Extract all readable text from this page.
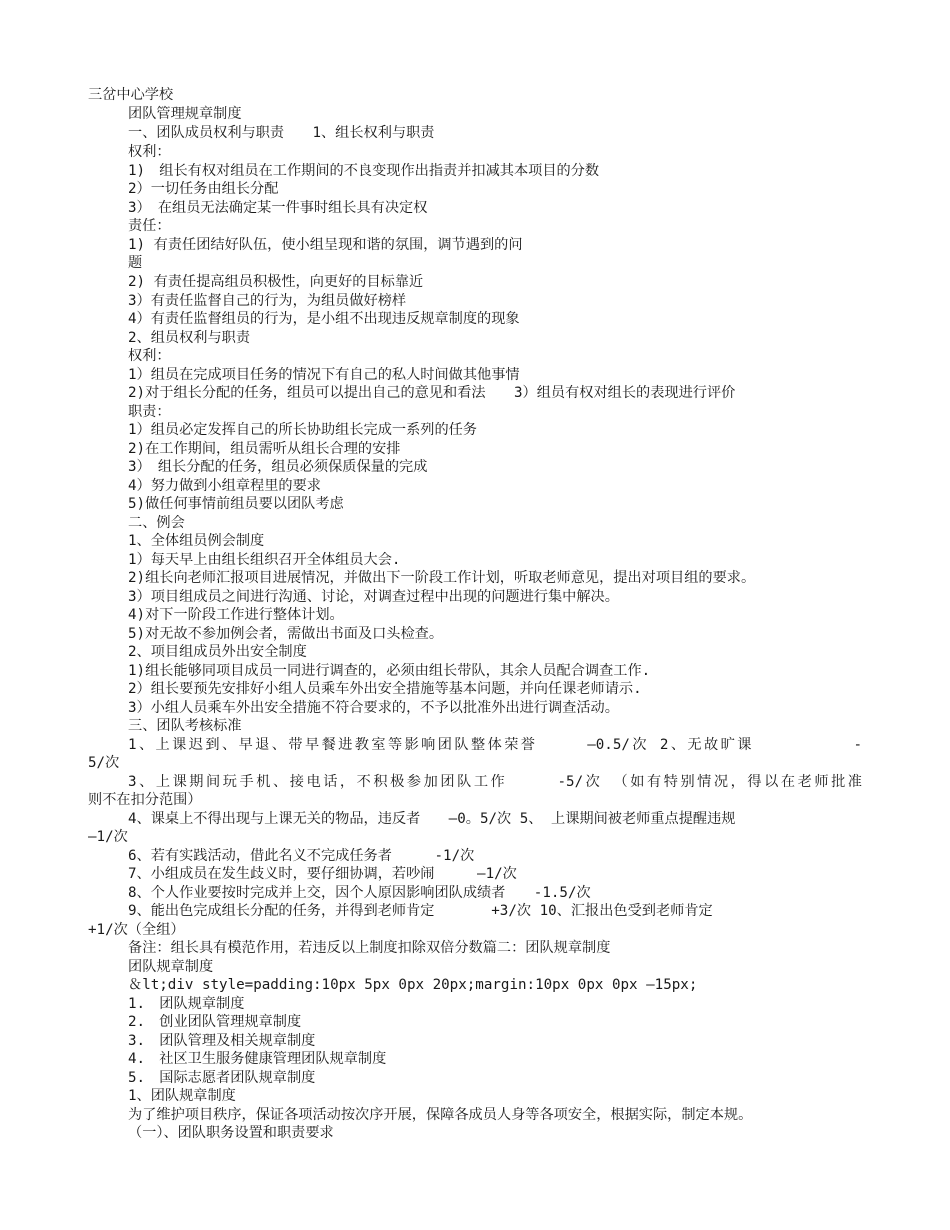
三岔中心学校
团队管理规章制度
一、团队成员权利与职责　　1、组长权利与职责
权利：
1)　组长有权对组员在工作期间的不良变现作出指责并扣减其本项目的分数
2）一切任务由组长分配
3）　在组员无法确定某一件事时组长具有决定权
责任：
1) 有责任团结好队伍，使小组呈现和谐的氛围，调节遇到的问
题
2) 有责任提高组员积极性，向更好的目标靠近
3）有责任监督自己的行为，为组员做好榜样
4）有责任监督组员的行为，是小组不出现违反规章制度的现象
2、组员权利与职责
权利：
1）组员在完成项目任务的情况下有自己的私人时间做其他事情
2)对于组长分配的任务，组员可以提出自己的意见和看法　　3）组员有权对组长的表现进行评价
职责：
1）组员必定发挥自己的所长协助组长完成一系列的任务
2)在工作期间，组员需听从组长合理的安排
3）　组长分配的任务，组员必须保质保量的完成
4）努力做到小组章程里的要求
5)做任何事情前组员要以团队考虑
二、例会
1、全体组员例会制度
1）每天早上由组长组织召开全体组员大会.
2)组长向老师汇报项目进展情况，并做出下一阶段工作计划，听取老师意见，提出对项目组的要求。
3）项目组成员之间进行沟通、讨论，对调查过程中出现的问题进行集中解决。
4)对下一阶段工作进行整体计划。
5)对无故不参加例会者，需做出书面及口头检查。
2、项目组成员外出安全制度
1)组长能够同项目成员一同进行调查的，必须由组长带队，其余人员配合调查工作.
2）组长要预先安排好小组人员乘车外出安全措施等基本问题，并向任课老师请示.
3）小组人员乘车外出安全措施不符合要求的，不予以批准外出进行调查活动。
三、团队考核标准
1、上课迟到、早退、带早餐进教室等影响团队整体荣誉　　　—0.5/次 2、无故旷课　　　　　　-
5/次
3、上课期间玩手机、接电话，不积极参加团队工作　　　-5/次 （如有特别情况，得以在老师批准
则不在扣分范围）
4、课桌上不得出现与上课无关的物品，违反者　　—0。5/次 5、 上课期间被老师重点提醒违规
—1/次
6、若有实践活动，借此名义不完成任务者　　　-1/次
7、小组成员在发生歧义时，要仔细协调，若吵闹　　　—1/次
8、个人作业要按时完成并上交，因个人原因影响团队成绩者　　-1.5/次
9、能出色完成组长分配的任务，并得到老师肯定　　　　+3/次 10、汇报出色受到老师肯定
+1/次（全组）
备注：组长具有模范作用，若违反以上制度扣除双倍分数篇二：团队规章制度
团队规章制度
＆lt;div style=padding:10px 5px 0px 20px;margin:10px 0px 0px —15px;
1.　团队规章制度
2.　创业团队管理规章制度
3.　团队管理及相关规章制度
4.　社区卫生服务健康管理团队规章制度
5.　国际志愿者团队规章制度
1、团队规章制度
为了维护项目秩序，保证各项活动按次序开展，保障各成员人身等各项安全，根据实际，制定本规。
（一）、团队职务设置和职责要求
